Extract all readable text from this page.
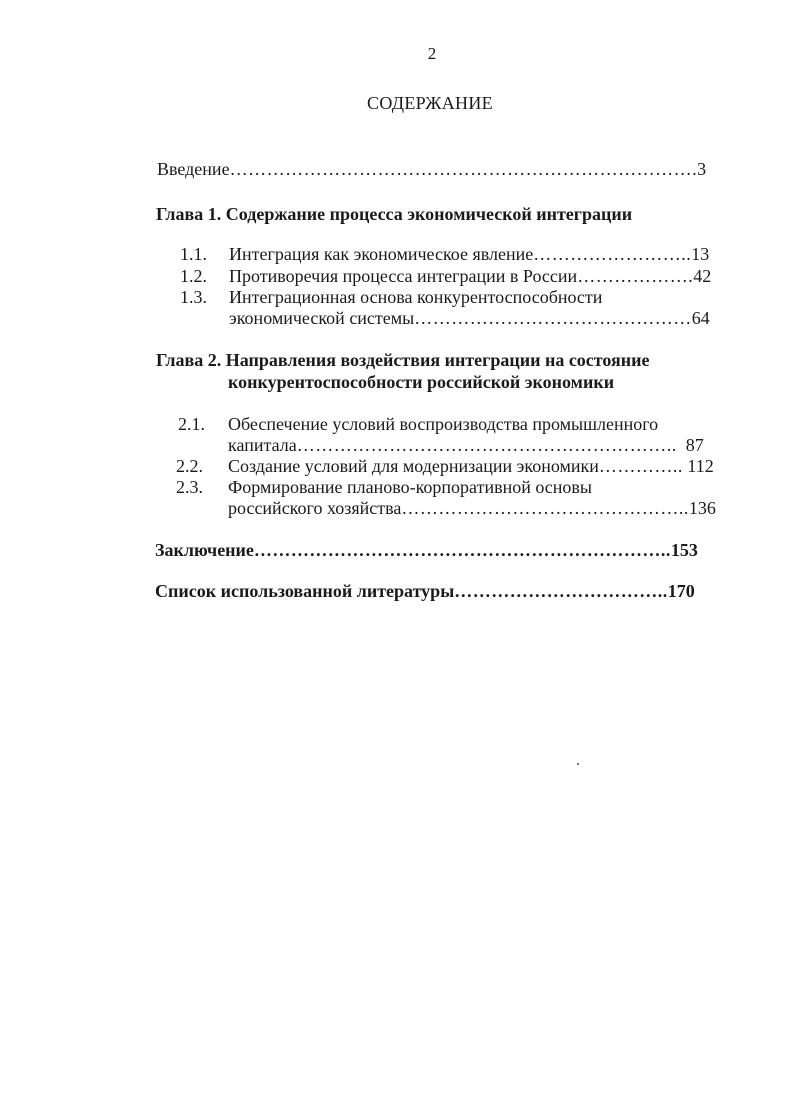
2
СОДЕРЖАНИЕ
Введение………………………………………………………………….3
Глава 1. Содержание процесса экономической интеграции
1.1. Интеграция как экономическое явление……………………..13
1.2. Противоречия процесса интеграции в России……………….42
1.3. Интеграционная основа конкурентоспособности
экономической системы………………………………………64
Глава 2. Направления воздействия интеграции на состояние
конкурентоспособности российской экономики
2.1. Обеспечение условий воспроизводства промышленного
капитала…………………………………………………….. 87
2.2. Создание условий для модернизации экономики………….. 112
2.3. Формирование планово-корпоративной основы
российского хозяйства………………………………………..136
Заключение…………………………………………………………..153
Список использованной литературы……………………………..170
